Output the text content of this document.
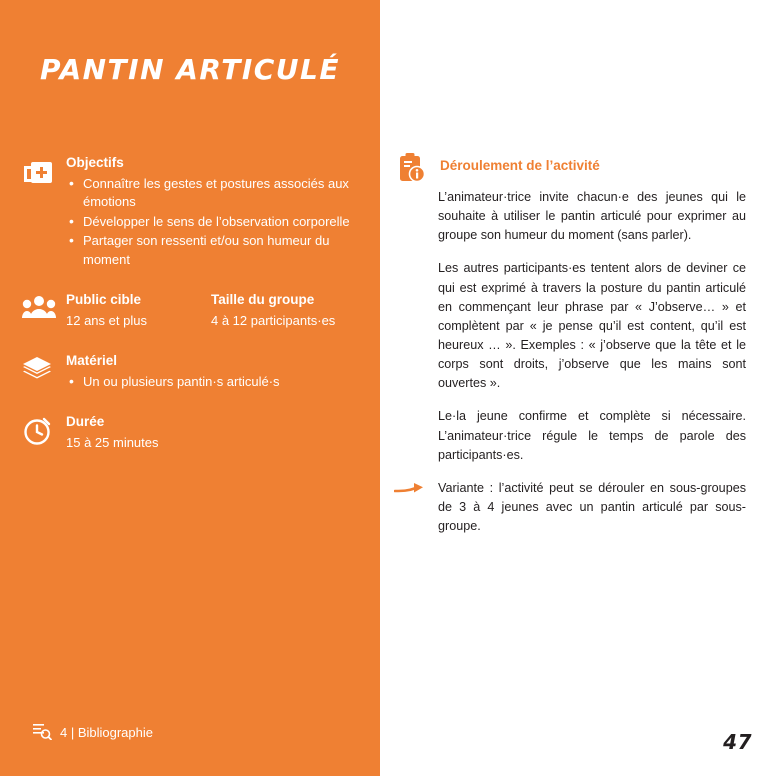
PANTIN ARTICULÉ
Objectifs
• Connaître les gestes et postures associés aux émotions
• Développer le sens de l’observation corporelle
• Partager son ressenti et/ou son humeur du moment
Public cible
12 ans et plus
Taille du groupe
4 à 12 participants·es
Matériel
• Un ou plusieurs pantin·s articulé·s
Durée
15 à 25 minutes
4 | Bibliographie
Déroulement de l’activité

L’animateur·trice invite chacun·e des jeunes qui le souhaite à utiliser le pantin articulé pour exprimer au groupe son humeur du moment (sans parler).

Les autres participants·es tentent alors de deviner ce qui est exprimé à travers la posture du pantin articulé en commençant leur phrase par « J’observe… » et complètent par « je pense qu’il est content, qu’il est heureux … ». Exemples : « j’observe que la tête et le corps sont droits, j’observe que les mains sont ouvertes ».

Le·la jeune confirme et complète si nécessaire. L’animateur·trice régule le temps de parole des participants·es.

Variante : l’activité peut se dérouler en sous-groupes de 3 à 4 jeunes avec un pantin articulé par sous-groupe.

47
